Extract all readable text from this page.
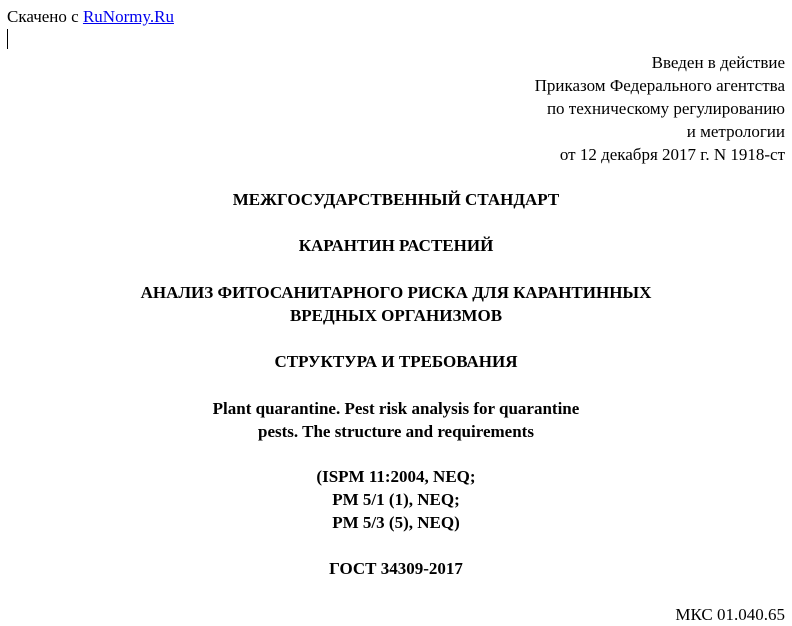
Скачено с RuNormy.Ru
Введен в действие
Приказом Федерального агентства
по техническому регулированию
и метрологии
от 12 декабря 2017 г. N 1918-ст
МЕЖГОСУДАРСТВЕННЫЙ СТАНДАРТ
КАРАНТИН РАСТЕНИЙ
АНАЛИЗ ФИТОСАНИТАРНОГО РИСКА ДЛЯ КАРАНТИННЫХ
ВРЕДНЫХ ОРГАНИЗМОВ
СТРУКТУРА И ТРЕБОВАНИЯ
Plant quarantine. Pest risk analysis for quarantine
pests. The structure and requirements
(ISPM 11:2004, NEQ;
PM 5/1 (1), NEQ;
PM 5/3 (5), NEQ)
ГОСТ 34309-2017
МКС 01.040.65
